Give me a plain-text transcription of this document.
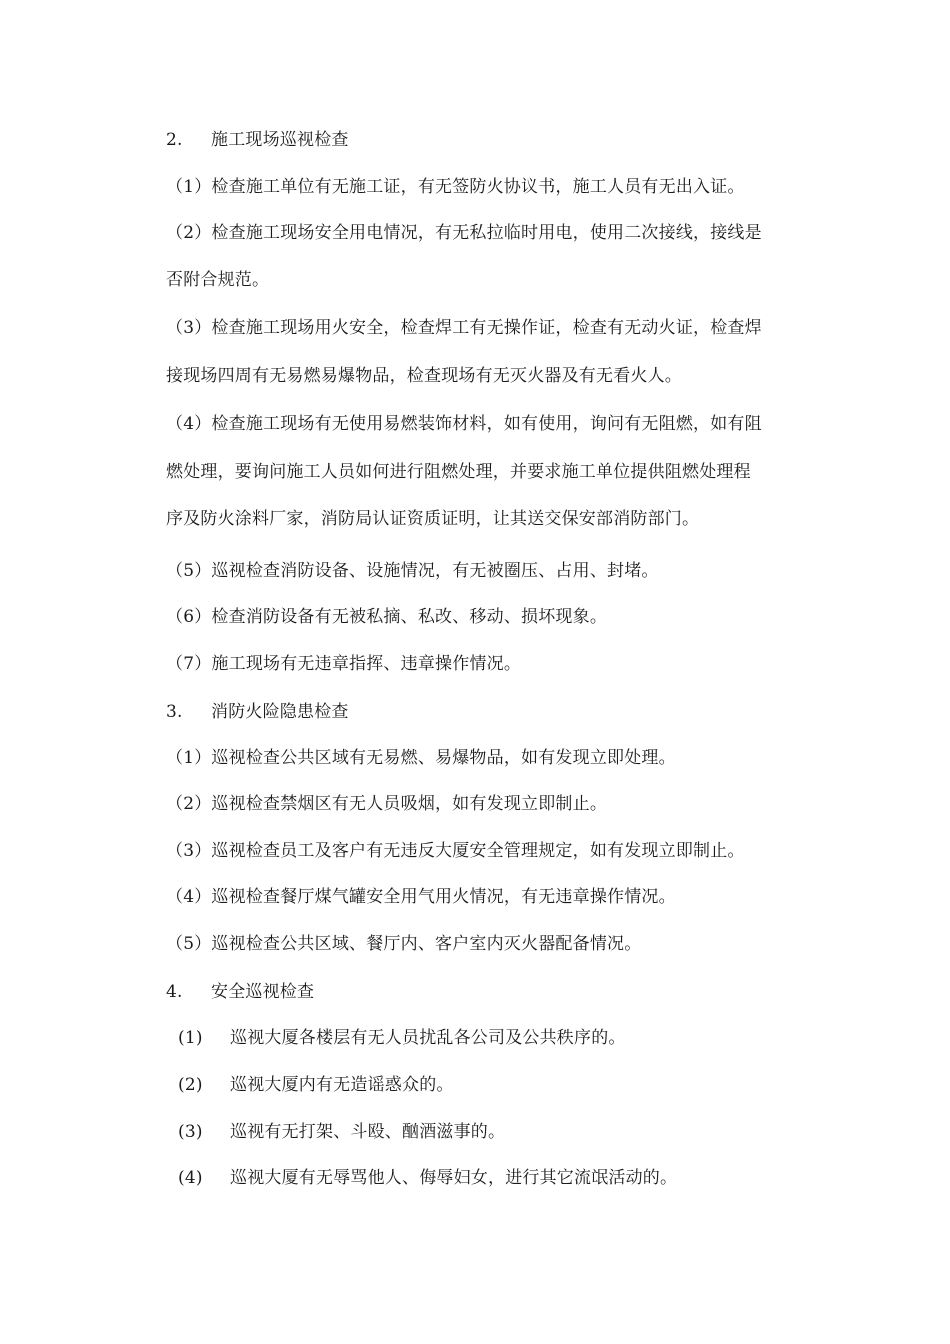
2. 施工现场巡视检查
（1）检查施工单位有无施工证，有无签防火协议书，施工人员有无出入证。
（2）检查施工现场安全用电情况，有无私拉临时用电，使用二次接线，接线是
否附合规范。
（3）检查施工现场用火安全，检查焊工有无操作证，检查有无动火证，检查焊
接现场四周有无易燃易爆物品，检查现场有无灭火器及有无看火人。
（4）检查施工现场有无使用易燃装饰材料，如有使用，询问有无阻燃，如有阻
燃处理，要询问施工人员如何进行阻燃处理，并要求施工单位提供阻燃处理程
序及防火涂料厂家，消防局认证资质证明，让其送交保安部消防部门。
（5）巡视检查消防设备、设施情况，有无被圈压、占用、封堵。
（6）检查消防设备有无被私摘、私改、移动、损坏现象。
（7）施工现场有无违章指挥、违章操作情况。
3. 消防火险隐患检查
（1）巡视检查公共区域有无易燃、易爆物品，如有发现立即处理。
（2）巡视检查禁烟区有无人员吸烟，如有发现立即制止。
（3）巡视检查员工及客户有无违反大厦安全管理规定，如有发现立即制止。
（4）巡视检查餐厅煤气罐安全用气用火情况，有无违章操作情况。
（5）巡视检查公共区域、餐厅内、客户室内灭火器配备情况。
4. 安全巡视检查
(1) 巡视大厦各楼层有无人员扰乱各公司及公共秩序的。
(2) 巡视大厦内有无造谣惑众的。
(3) 巡视有无打架、斗殴、酗酒滋事的。
(4) 巡视大厦有无辱骂他人、侮辱妇女，进行其它流氓活动的。
